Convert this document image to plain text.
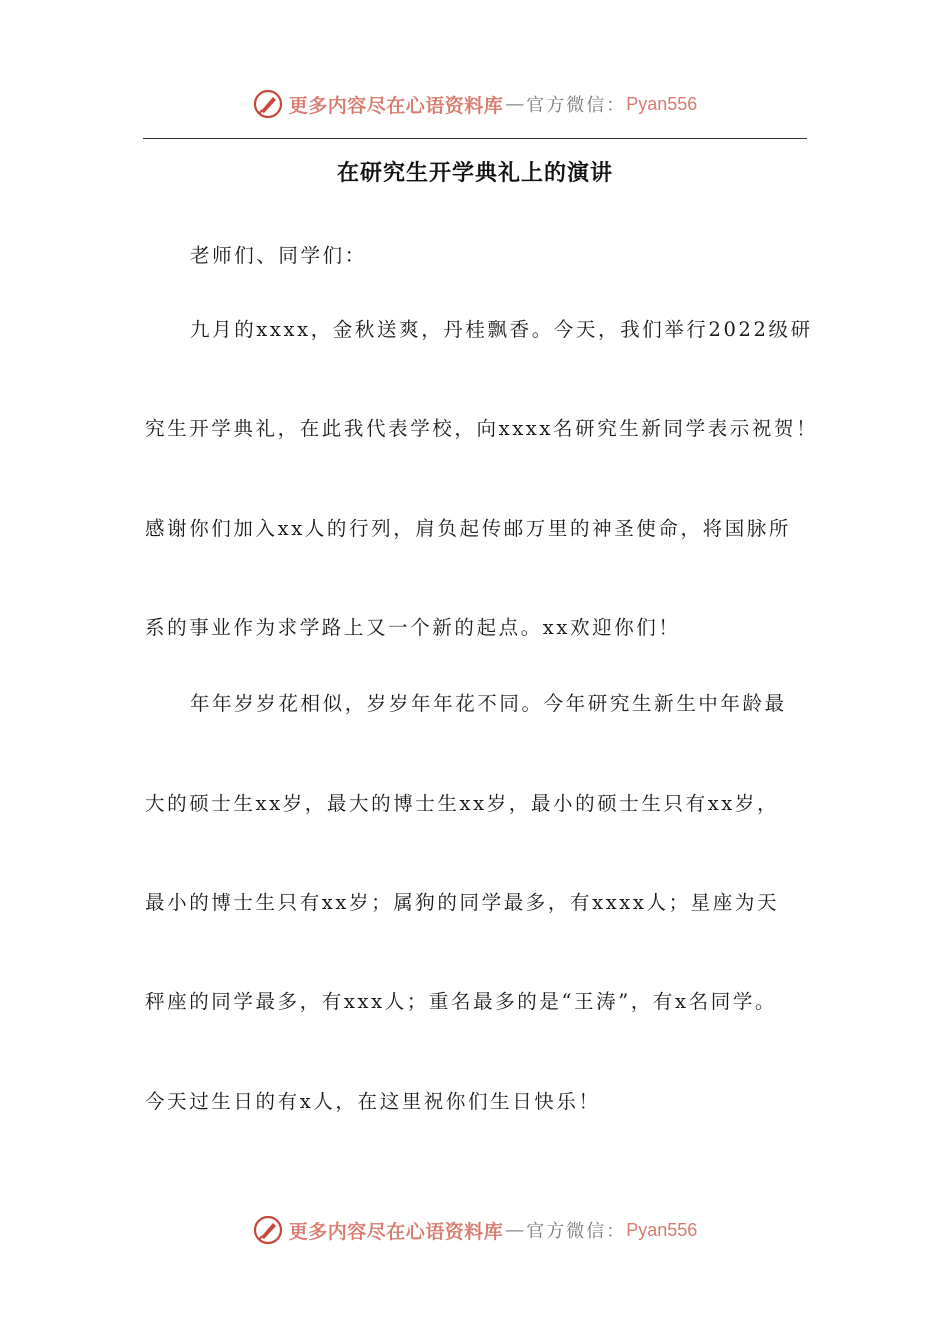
更多内容尽在心语资料库 — 官方微信： Pyan556
在研究生开学典礼上的演讲
老师们、同学们：
九月的xxxx，金秋送爽，丹桂飘香。今天，我们举行2022级研
究生开学典礼，在此我代表学校，向xxxx名研究生新同学表示祝贺！
感谢你们加入xx人的行列，肩负起传邮万里的神圣使命，将国脉所
系的事业作为求学路上又一个新的起点。xx欢迎你们！
年年岁岁花相似，岁岁年年花不同。今年研究生新生中年龄最
大的硕士生xx岁，最大的博士生xx岁，最小的硕士生只有xx岁，
最小的博士生只有xx岁；属狗的同学最多，有xxxx人；星座为天
秤座的同学最多，有xxx人；重名最多的是“王涛”，有x名同学。
今天过生日的有x人，在这里祝你们生日快乐！
更多内容尽在心语资料库 — 官方微信： Pyan556
